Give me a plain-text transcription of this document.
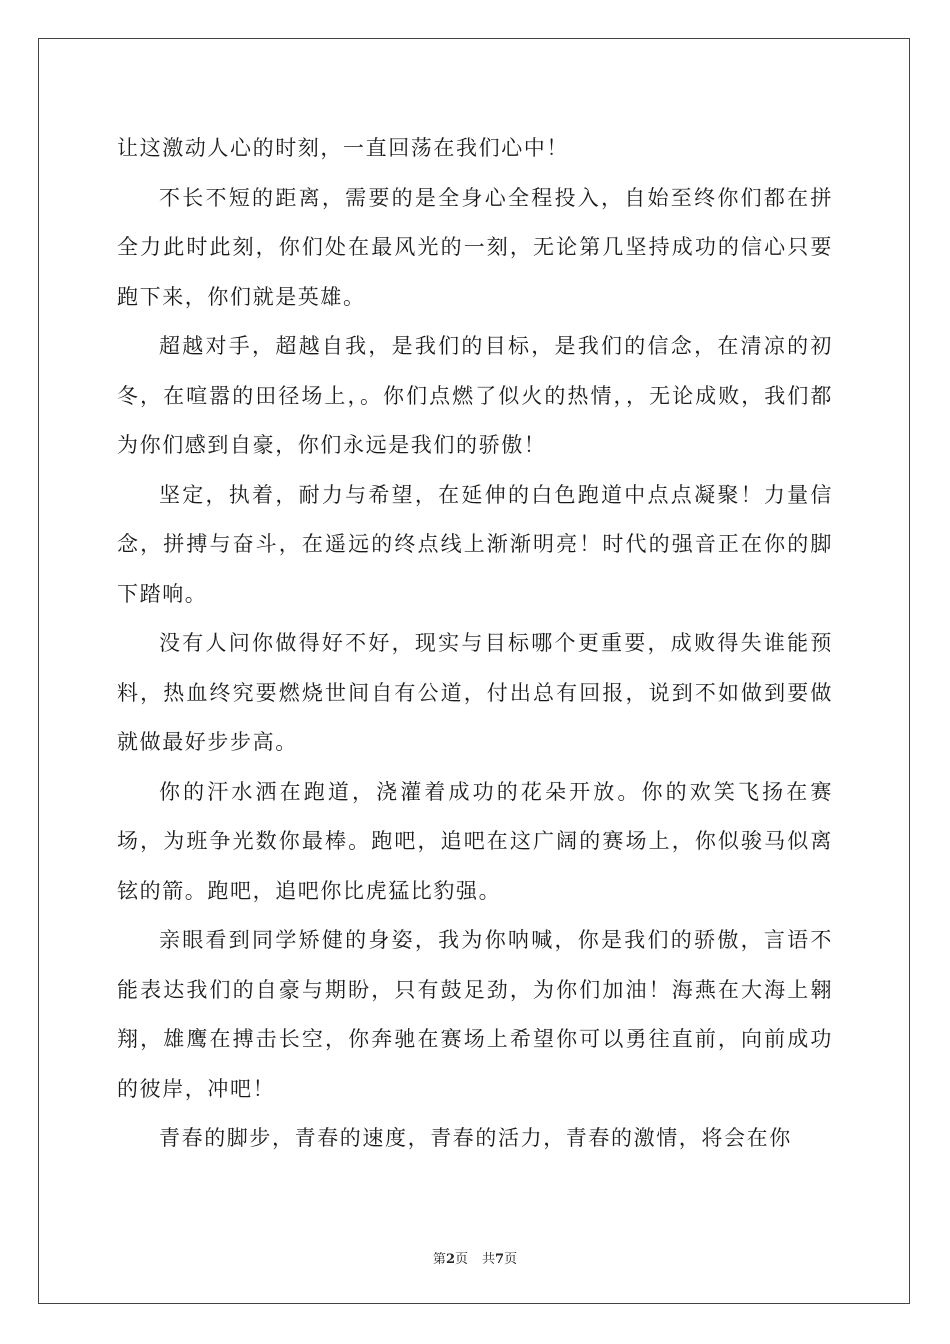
让这激动人心的时刻，一直回荡在我们心中！

不长不短的距离，需要的是全身心全程投入，自始至终你们都在拼全力此时此刻，你们处在最风光的一刻，无论第几坚持成功的信心只要跑下来，你们就是英雄。

超越对手，超越自我，是我们的目标，是我们的信念，在清凉的初冬，在喧嚣的田径场上，。你们点燃了似火的热情，，无论成败，我们都为你们感到自豪，你们永远是我们的骄傲！

坚定，执着，耐力与希望，在延伸的白色跑道中点点凝聚！力量信念，拼搏与奋斗，在遥远的终点线上渐渐明亮！时代的强音正在你的脚下踏响。

没有人问你做得好不好，现实与目标哪个更重要，成败得失谁能预料，热血终究要燃烧世间自有公道，付出总有回报，说到不如做到要做就做最好步步高。

你的汗水洒在跑道，浇灌着成功的花朵开放。你的欢笑飞扬在赛场，为班争光数你最棒。跑吧，追吧在这广阔的赛场上，你似骏马似离铉的箭。跑吧，追吧你比虎猛比豹强。

亲眼看到同学矫健的身姿，我为你呐喊，你是我们的骄傲，言语不能表达我们的自豪与期盼，只有鼓足劲，为你们加油！海燕在大海上翱翔，雄鹰在搏击长空，你奔驰在赛场上希望你可以勇往直前，向前成功的彼岸，冲吧！

青春的脚步，青春的速度，青春的活力，青春的激情，将会在你

第2页 共7页
